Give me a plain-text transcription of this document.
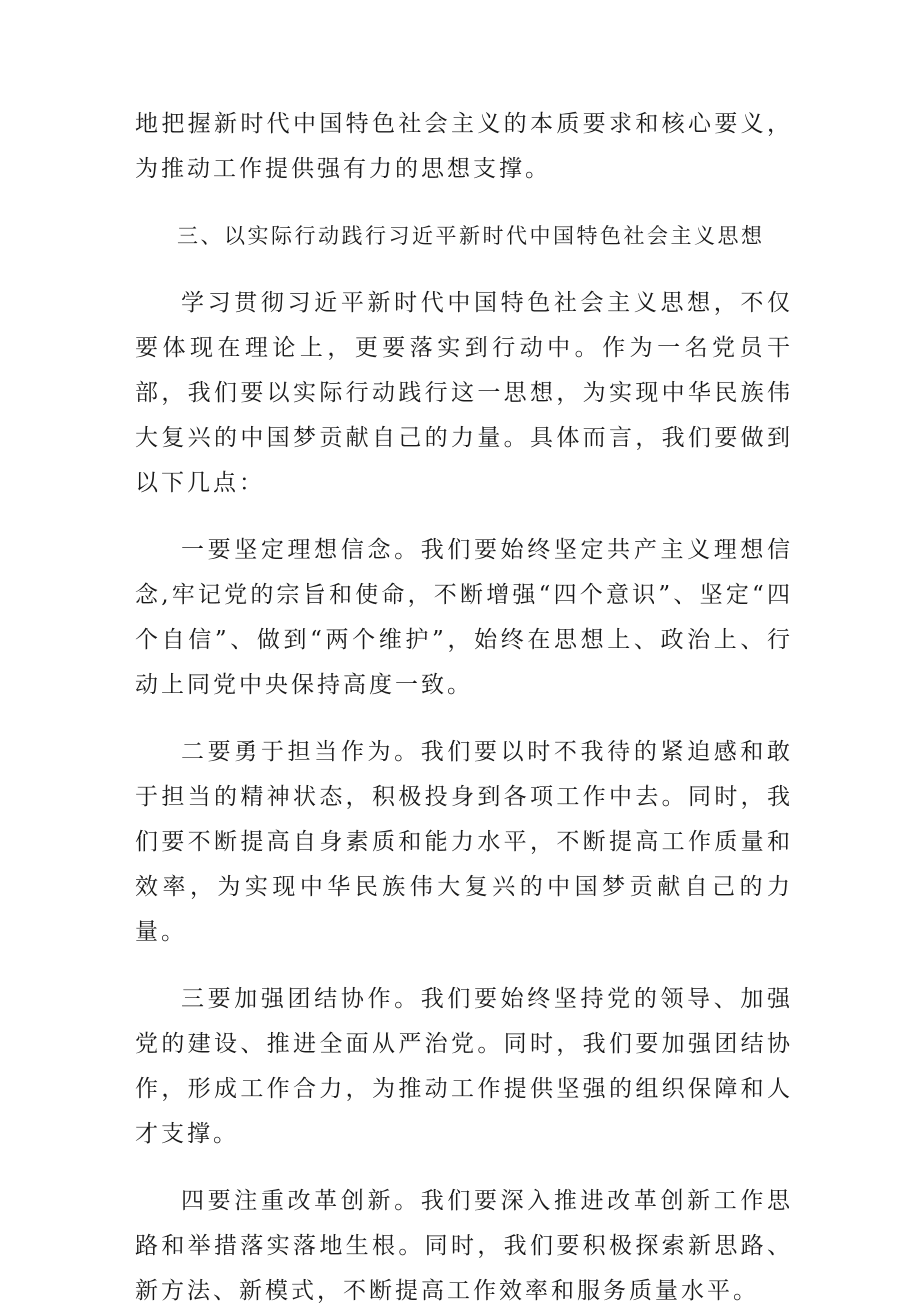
地把握新时代中国特色社会主义的本质要求和核心要义，为推动工作提供强有力的思想支撑。

三、以实际行动践行习近平新时代中国特色社会主义思想

学习贯彻习近平新时代中国特色社会主义思想，不仅要体现在理论上，更要落实到行动中。作为一名党员干部，我们要以实际行动践行这一思想，为实现中华民族伟大复兴的中国梦贡献自己的力量。具体而言，我们要做到以下几点：

一要坚定理想信念。我们要始终坚定共产主义理想信念,牢记党的宗旨和使命，不断增强“四个意识”、坚定“四个自信”、做到“两个维护”，始终在思想上、政治上、行动上同党中央保持高度一致。

二要勇于担当作为。我们要以时不我待的紧迫感和敢于担当的精神状态，积极投身到各项工作中去。同时，我们要不断提高自身素质和能力水平，不断提高工作质量和效率，为实现中华民族伟大复兴的中国梦贡献自己的力量。

三要加强团结协作。我们要始终坚持党的领导、加强党的建设、推进全面从严治党。同时，我们要加强团结协作，形成工作合力，为推动工作提供坚强的组织保障和人才支撑。

四要注重改革创新。我们要深入推进改革创新工作思路和举措落实落地生根。同时，我们要积极探索新思路、新方法、新模式，不断提高工作效率和服务质量水平。
